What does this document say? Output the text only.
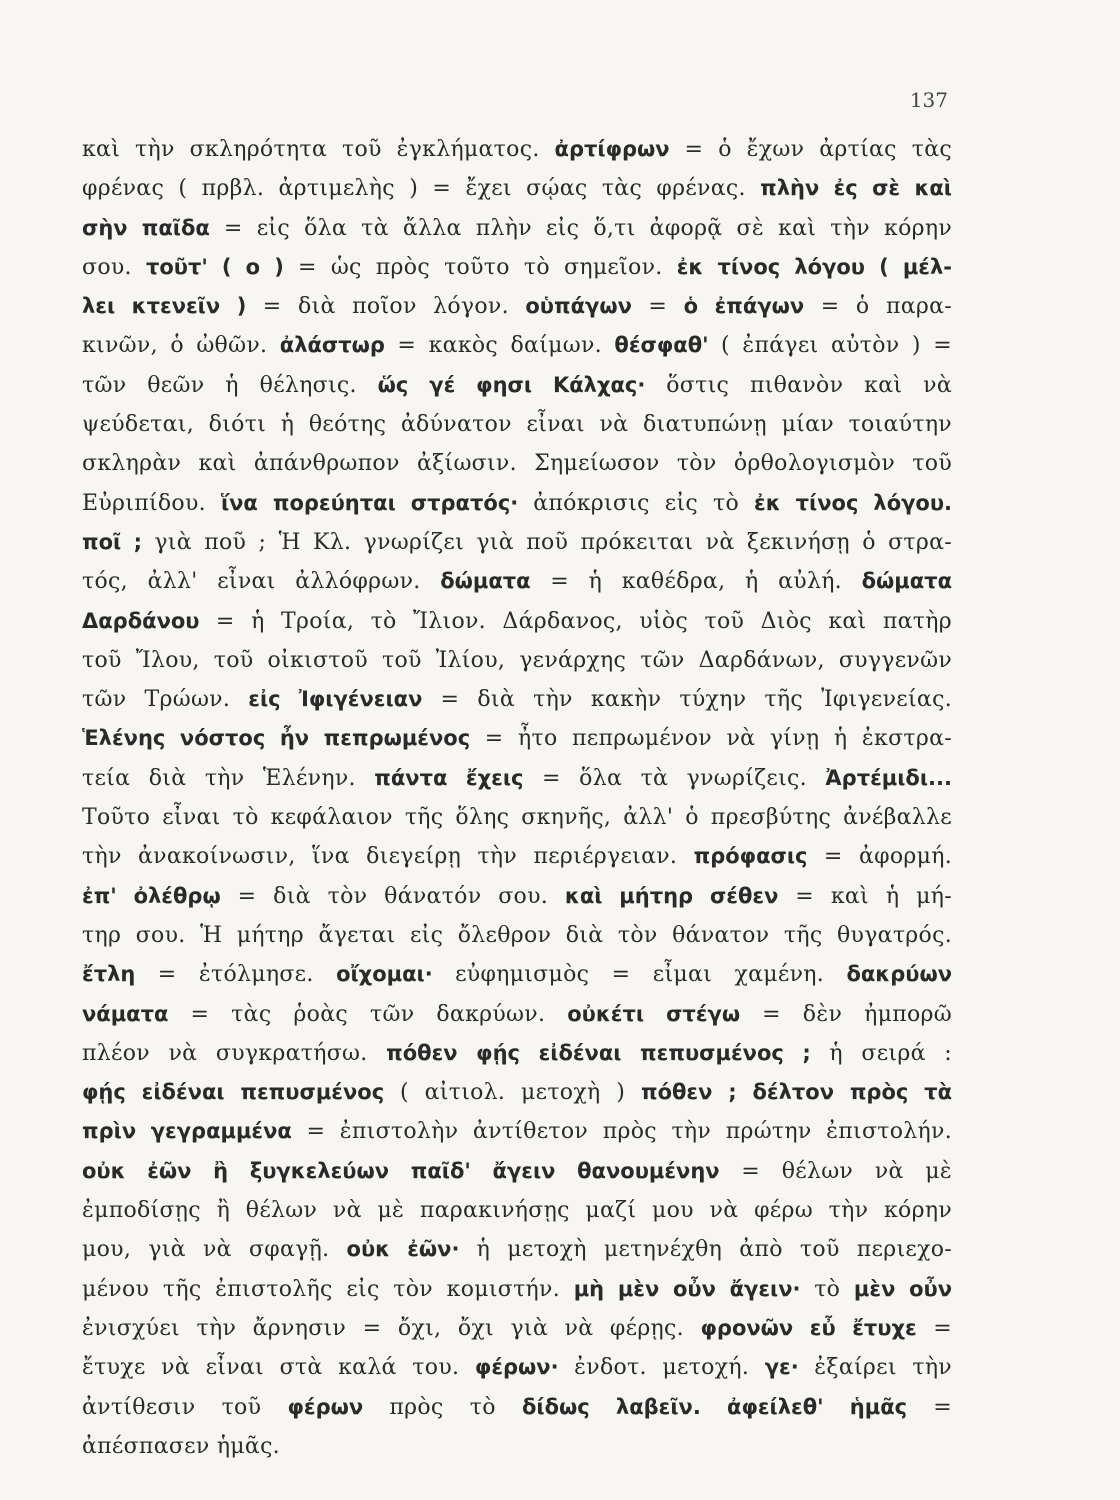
137
καὶ τὴν σκληρότητα τοῦ ἐγκλήματος. ἀρτίφρων = ὁ ἔχων ἀρτίας τὰς
φρένας ( πρβλ. ἀρτιμελὴς ) = ἔχει σῴας τὰς φρένας. πλὴν ἐς σὲ καὶ
σὴν παῖδα = εἰς ὅλα τὰ ἄλλα πλὴν εἰς ὅ,τι ἀφορᾷ σὲ καὶ τὴν κόρην
σου. τοῦτ' ( ο ) = ὡς πρὸς τοῦτο τὸ σημεῖον. ἐκ τίνος λόγου ( μέλ-
λει κτενεῖν ) = διὰ ποῖον λόγον. οὑπάγων = ὁ ἐπάγων = ὁ παρα-
κινῶν, ὁ ὠθῶν. ἀλάστωρ = κακὸς δαίμων. θέσφαθ' ( ἐπάγει αὐτὸν ) =
τῶν θεῶν ἡ θέλησις. ὥς γέ φησι Κάλχας· ὅστις πιθανὸν καὶ νὰ
ψεύδεται, διότι ἡ θεότης ἀδύνατον εἶναι νὰ διατυπώνῃ μίαν τοιαύτην
σκληρὰν καὶ ἀπάνθρωπον ἀξίωσιν. Σημείωσον τὸν ὀρθολογισμὸν τοῦ
Εὐριπίδου. ἵνα πορεύηται στρατός· ἀπόκρισις εἰς τὸ ἐκ τίνος λόγου.
ποῖ ; γιὰ ποῦ ; Ἡ Κλ. γνωρίζει γιὰ ποῦ πρόκειται νὰ ξεκινήσῃ ὁ στρα-
τός, ἀλλ' εἶναι ἀλλόφρων. δώματα = ἡ καθέδρα, ἡ αὐλή. δώματα
Δαρδάνου = ἡ Τροία, τὸ Ἴλιον. Δάρδανος, υἱὸς τοῦ Διὸς καὶ πατὴρ
τοῦ Ἴλου, τοῦ οἰκιστοῦ τοῦ Ἰλίου, γενάρχης τῶν Δαρδάνων, συγγενῶν
τῶν Τρώων. εἰς Ἰφιγένειαν = διὰ τὴν κακὴν τύχην τῆς Ἰφιγενείας.
Ἑλένης νόστος ἦν πεπρωμένος = ἦτο πεπρωμένον νὰ γίνῃ ἡ ἐκστρα-
τεία διὰ τὴν Ἑλένην. πάντα ἔχεις = ὅλα τὰ γνωρίζεις. Ἀρτέμιδι...
Τοῦτο εἶναι τὸ κεφάλαιον τῆς ὅλης σκηνῆς, ἀλλ' ὁ πρεσβύτης ἀνέβαλλε
τὴν ἀνακοίνωσιν, ἵνα διεγείρῃ τὴν περιέργειαν. πρόφασις = ἀφορμή.
ἐπ' ὀλέθρῳ = διὰ τὸν θάνατόν σου. καὶ μήτηρ σέθεν = καὶ ἡ μή-
τηρ σου. Ἡ μήτηρ ἄγεται εἰς ὄλεθρον διὰ τὸν θάνατον τῆς θυγατρός.
ἔτλη = ἐτόλμησε. οἴχομαι· εὐφημισμὸς = εἶμαι χαμένη. δακρύων
νάματα = τὰς ῥοὰς τῶν δακρύων. οὐκέτι στέγω = δὲν ἠμπορῶ
πλέον νὰ συγκρατήσω. πόθεν φῄς εἰδέναι πεπυσμένος ; ἡ σειρά :
φῄς εἰδέναι πεπυσμένος ( αἰτιολ. μετοχὴ ) πόθεν ; δέλτον πρὸς τὰ
πρὶν γεγραμμένα = ἐπιστολὴν ἀντίθετον πρὸς τὴν πρώτην ἐπιστολήν.
οὐκ ἐῶν ἢ ξυγκελεύων παῖδ' ἄγειν θανουμένην = θέλων νὰ μὲ
ἐμποδίσῃς ἢ θέλων νὰ μὲ παρακινήσῃς μαζί μου νὰ φέρω τὴν κόρην
μου, γιὰ νὰ σφαγῇ. οὐκ ἐῶν· ἡ μετοχὴ μετηνέχθη ἀπὸ τοῦ περιεχο-
μένου τῆς ἐπιστολῆς εἰς τὸν κομιστήν. μὴ μὲν οὖν ἄγειν· τὸ μὲν οὖν
ἐνισχύει τὴν ἄρνησιν = ὄχι, ὄχι γιὰ νὰ φέρῃς. φρονῶν εὖ ἔτυχε =
ἔτυχε νὰ εἶναι στὰ καλά του. φέρων· ἐνδοτ. μετοχή. γε· ἐξαίρει τὴν
ἀντίθεσιν τοῦ φέρων πρὸς τὸ δίδως λαβεῖν. ἀφείλεθ' ἡμᾶς =
ἀπέσπασεν ἡμᾶς.
